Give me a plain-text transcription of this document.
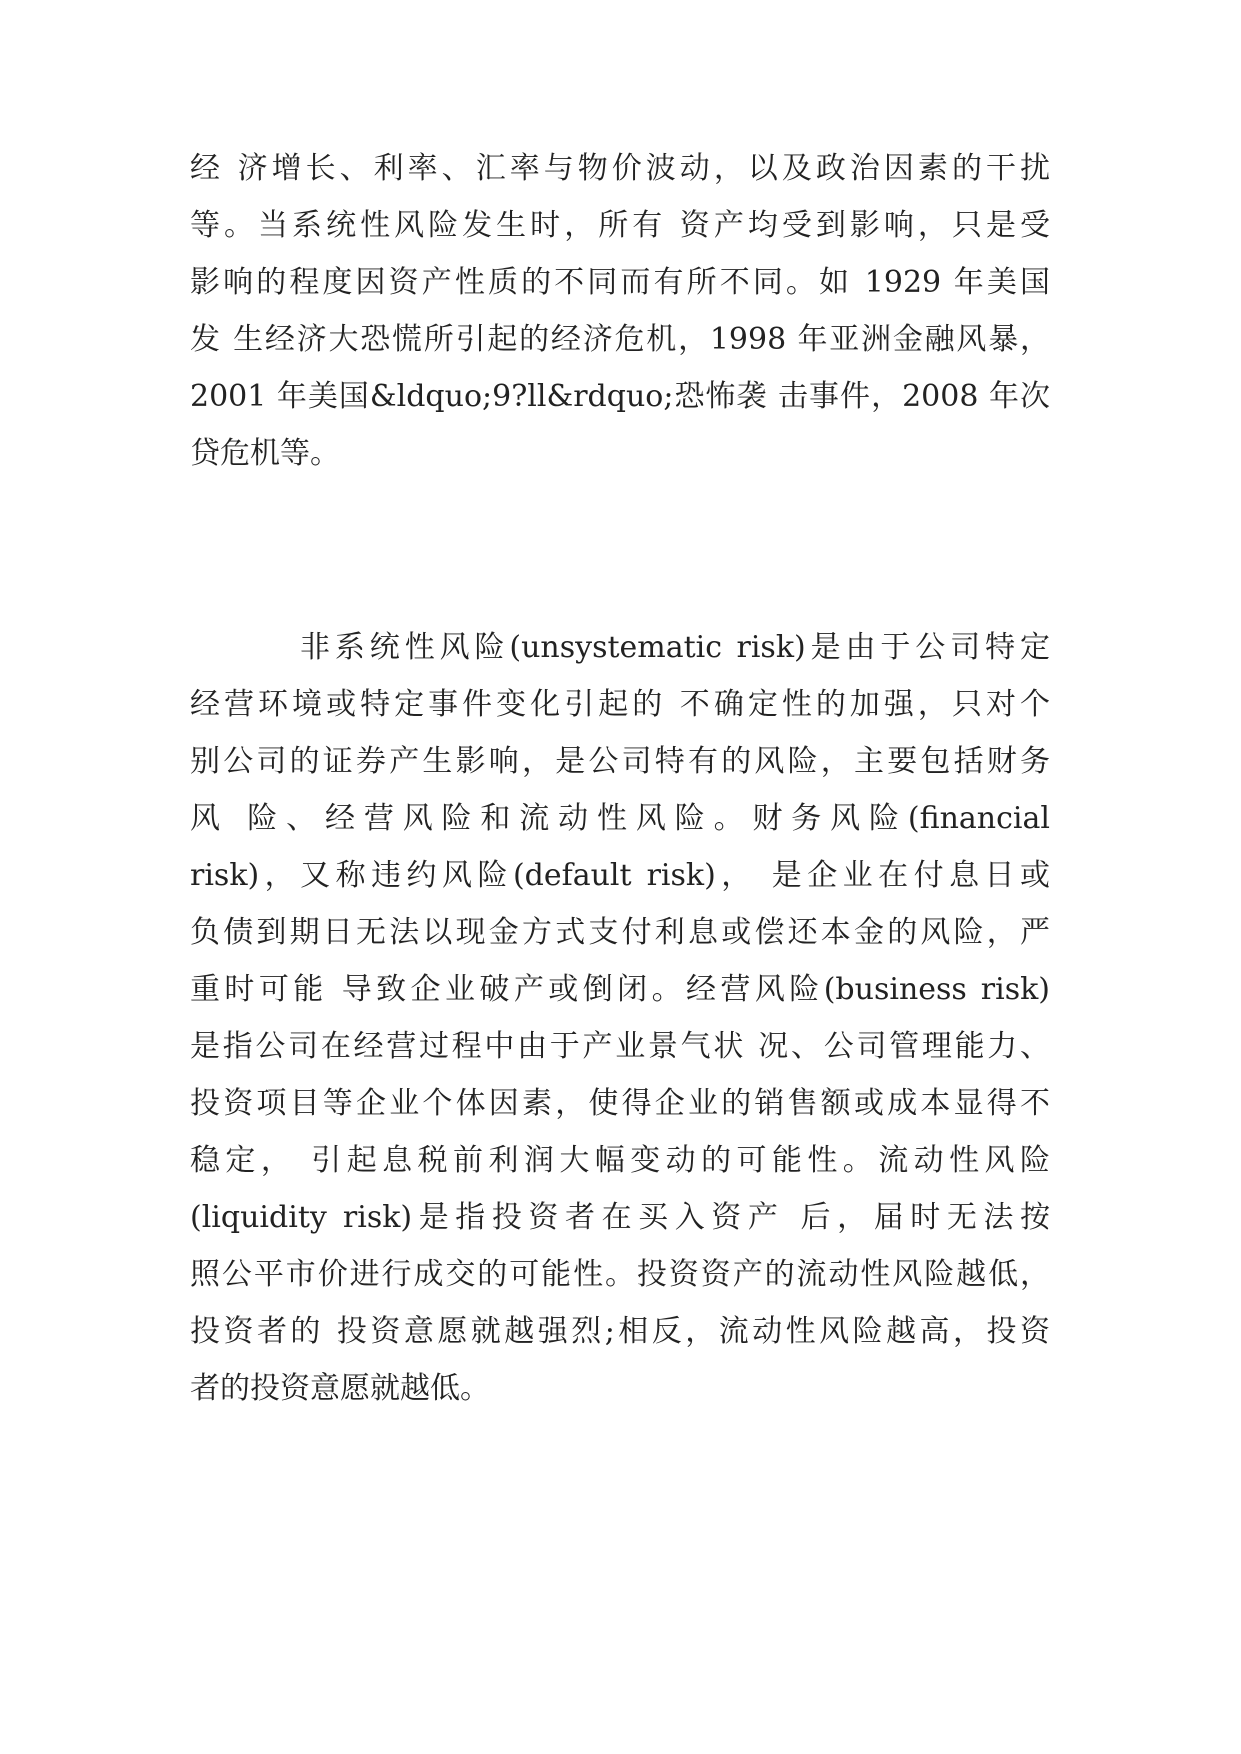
经 济增长、利率、汇率与物价波动，以及政治因素的干扰
等。当系统性风险发生时，所有 资产均受到影响，只是受
影响的程度因资产性质的不同而有所不同。如 1929 年美国
发 生经济大恐慌所引起的经济危机，1998 年亚洲金融风暴，
2001 年美国&ldquo;9?ll&rdquo;恐怖袭 击事件，2008 年次
贷危机等。
非系统性风险(unsystematic risk)是由于公司特定
经营环境或特定事件变化引起的 不确定性的加强，只对个
别公司的证券产生影响，是公司特有的风险，主要包括财务
风 险、经营风险和流动性风险。财务风险(financial
risk)，又称违约风险(default risk)， 是企业在付息日或
负债到期日无法以现金方式支付利息或偿还本金的风险，严
重时可能 导致企业破产或倒闭。经营风险(business risk)
是指公司在经营过程中由于产业景气状 况、公司管理能力、
投资项目等企业个体因素，使得企业的销售额或成本显得不
稳定， 引起息税前利润大幅变动的可能性。流动性风险
(liquidity risk)是指投资者在买入资产 后，届时无法按
照公平市价进行成交的可能性。投资资产的流动性风险越低，
投资者的 投资意愿就越强烈;相反，流动性风险越高，投资
者的投资意愿就越低。
